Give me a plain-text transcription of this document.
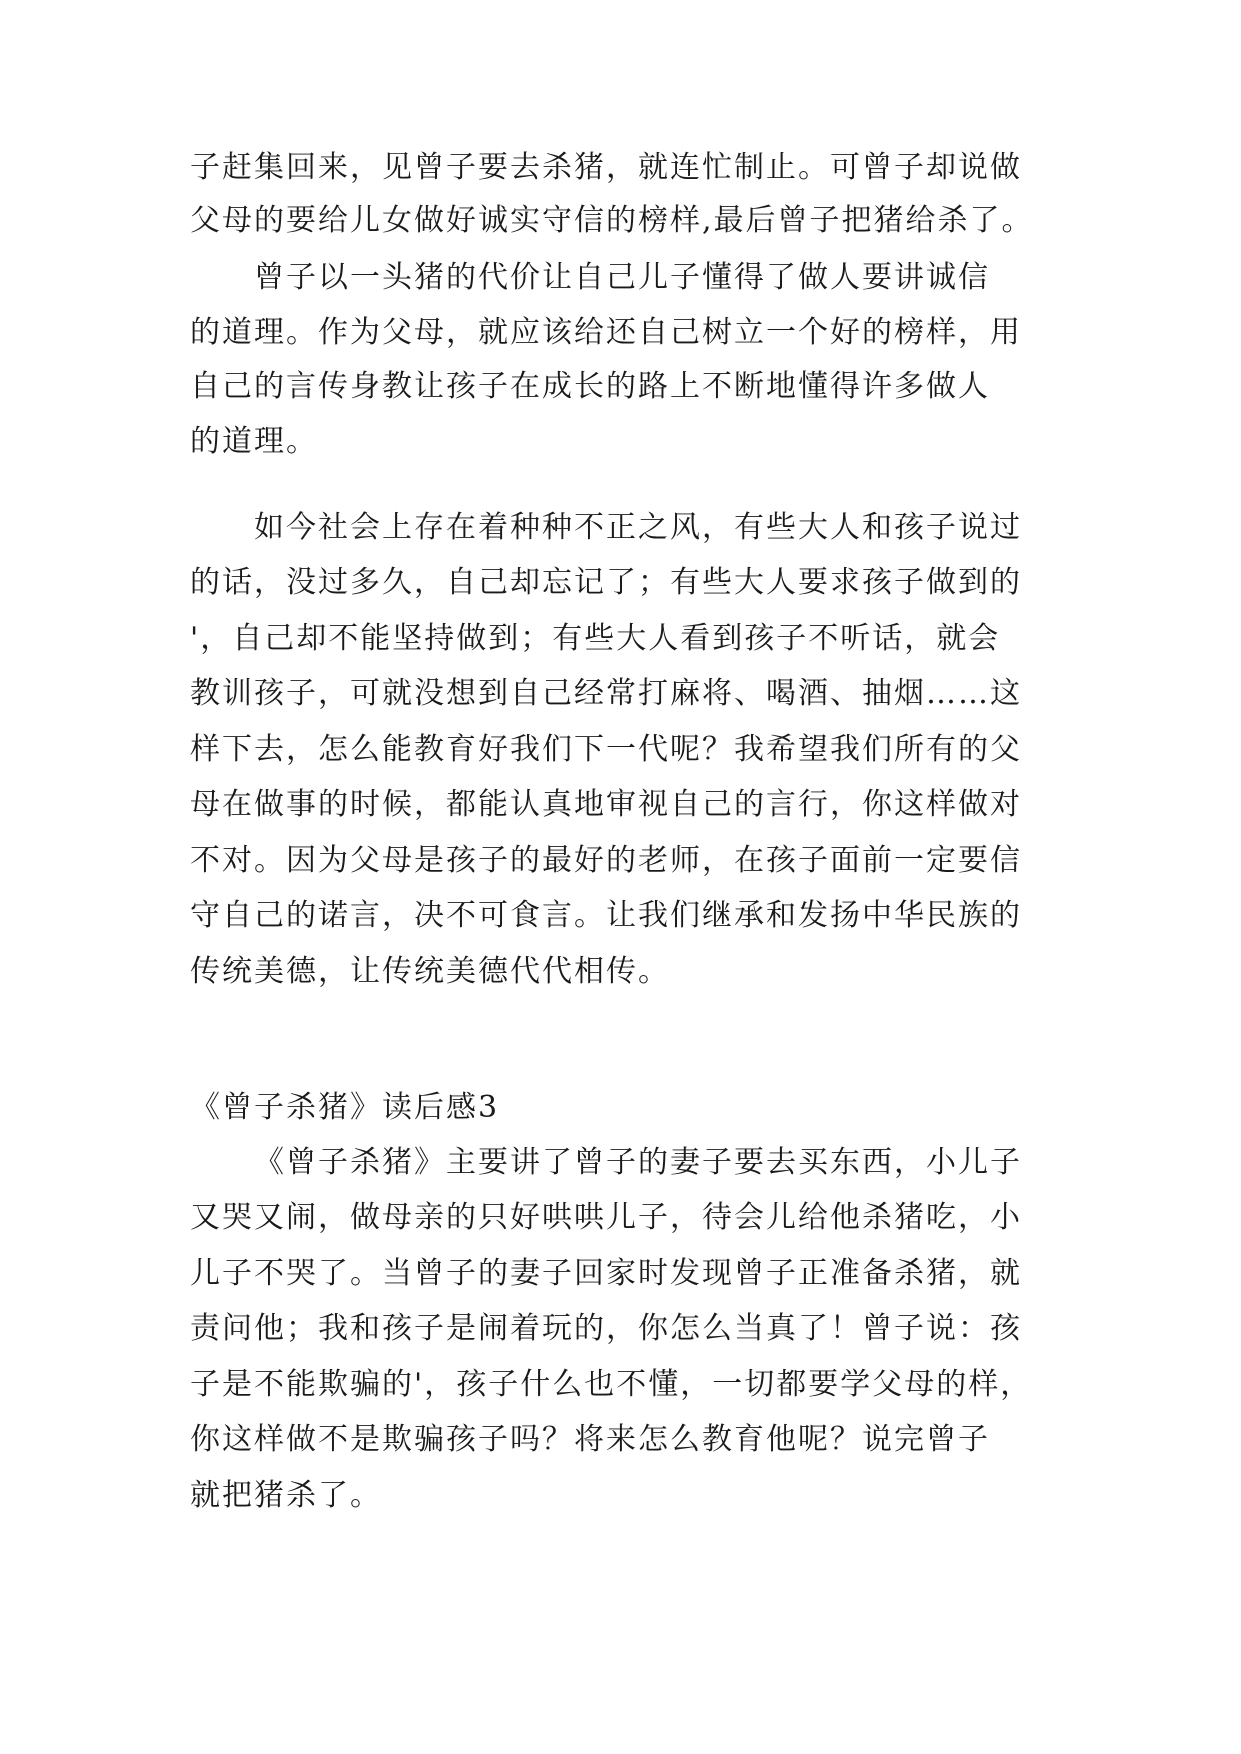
子赶集回来，见曾子要去杀猪，就连忙制止。可曾子却说做
父母的要给儿女做好诚实守信的榜样,最后曾子把猪给杀了。
曾子以一头猪的代价让自己儿子懂得了做人要讲诚信
的道理。作为父母，就应该给还自己树立一个好的榜样，用
自己的言传身教让孩子在成长的路上不断地懂得许多做人
的道理。
如今社会上存在着种种不正之风，有些大人和孩子说过
的话，没过多久，自己却忘记了；有些大人要求孩子做到的
'，自己却不能坚持做到；有些大人看到孩子不听话，就会
教训孩子，可就没想到自己经常打麻将、喝酒、抽烟……这
样下去，怎么能教育好我们下一代呢？我希望我们所有的父
母在做事的时候，都能认真地审视自己的言行，你这样做对
不对。因为父母是孩子的最好的老师，在孩子面前一定要信
守自己的诺言，决不可食言。让我们继承和发扬中华民族的
传统美德，让传统美德代代相传。
《曾子杀猪》读后感3
《曾子杀猪》主要讲了曾子的妻子要去买东西，小儿子
又哭又闹，做母亲的只好哄哄儿子，待会儿给他杀猪吃，小
儿子不哭了。当曾子的妻子回家时发现曾子正准备杀猪，就
责问他；我和孩子是闹着玩的，你怎么当真了！曾子说：孩
子是不能欺骗的'，孩子什么也不懂，一切都要学父母的样，
你这样做不是欺骗孩子吗？将来怎么教育他呢？说完曾子
就把猪杀了。
